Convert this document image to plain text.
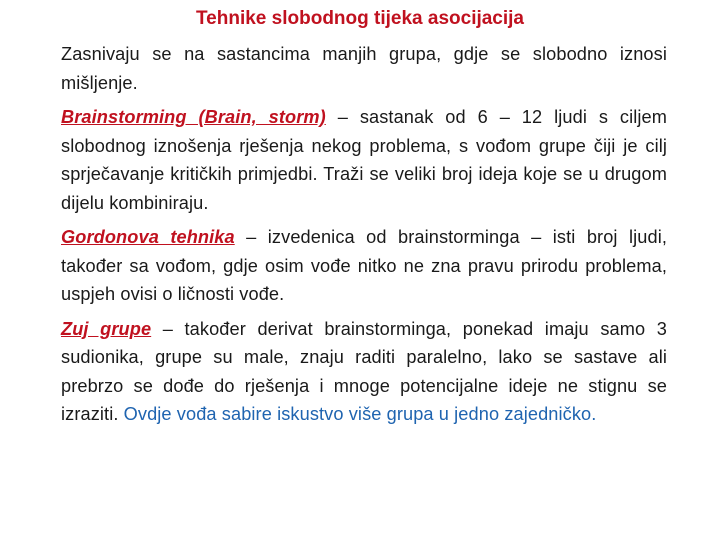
Tehnike slobodnog tijeka asocijacija

Zasnivaju se na sastancima manjih grupa, gdje se slobodno iznosi mišljenje.

Brainstorming (Brain, storm) – sastanak od 6 – 12 ljudi s ciljem slobodnog iznošenja rješenja nekog problema, s vođom grupe čiji je cilj sprječavanje kritičkih primjedbi. Traži se veliki broj ideja koje se u drugom dijelu kombiniraju.

Gordonova tehnika – izvedenica od brainstorminga – isti broj ljudi, također sa vođom, gdje osim vođe nitko ne zna pravu prirodu problema, uspjeh ovisi o ličnosti vođe.

Zuj grupe – također derivat brainstorminga, ponekad imaju samo 3 sudionika, grupe su male, znaju raditi paralelno, lako se sastave ali prebrzo se dođe do rješenja i mnoge potencijalne ideje ne stignu se izraziti. Ovdje vođa sabire iskustvo više grupa u jedno zajedničko.
